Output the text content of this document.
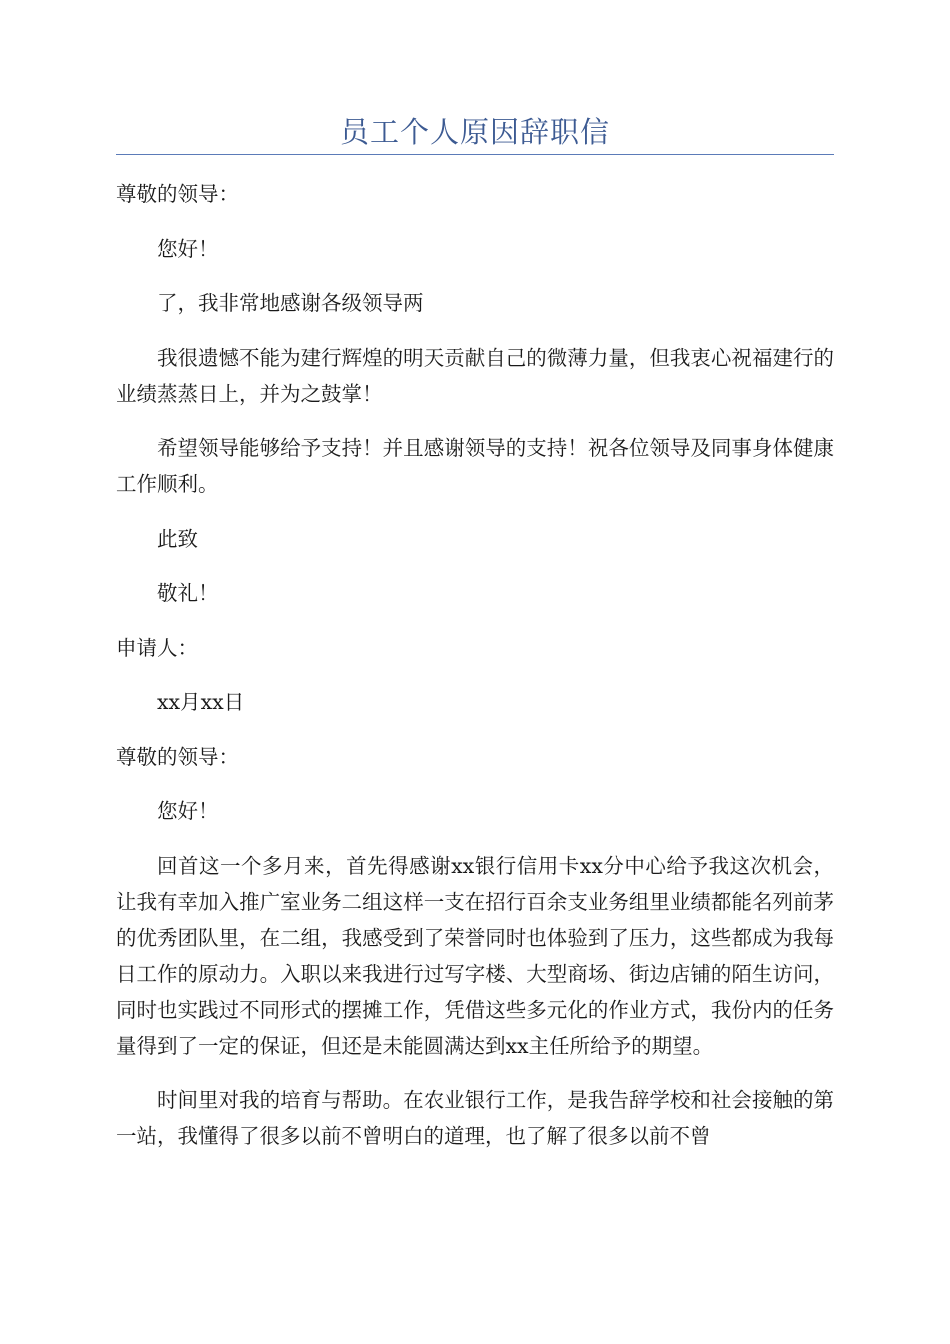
员工个人原因辞职信

尊敬的领导：

您好！

了，我非常地感谢各级领导两

我很遗憾不能为建行辉煌的明天贡献自己的微薄力量，但我衷心祝福建行的业绩蒸蒸日上，并为之鼓掌！

希望领导能够给予支持！并且感谢领导的支持！祝各位领导及同事身体健康工作顺利。

此致

敬礼！

申请人：

xx月xx日

尊敬的领导：

您好！

回首这一个多月来，首先得感谢xx银行信用卡xx分中心给予我这次机会，让我有幸加入推广室业务二组这样一支在招行百余支业务组里业绩都能名列前茅的优秀团队里，在二组，我感受到了荣誉同时也体验到了压力，这些都成为我每日工作的原动力。入职以来我进行过写字楼、大型商场、街边店铺的陌生访问，同时也实践过不同形式的摆摊工作，凭借这些多元化的作业方式，我份内的任务量得到了一定的保证，但还是未能圆满达到xx主任所给予的期望。

时间里对我的培育与帮助。在农业银行工作，是我告辞学校和社会接触的第一站，我懂得了很多以前不曾明白的道理，也了解了很多以前不曾
